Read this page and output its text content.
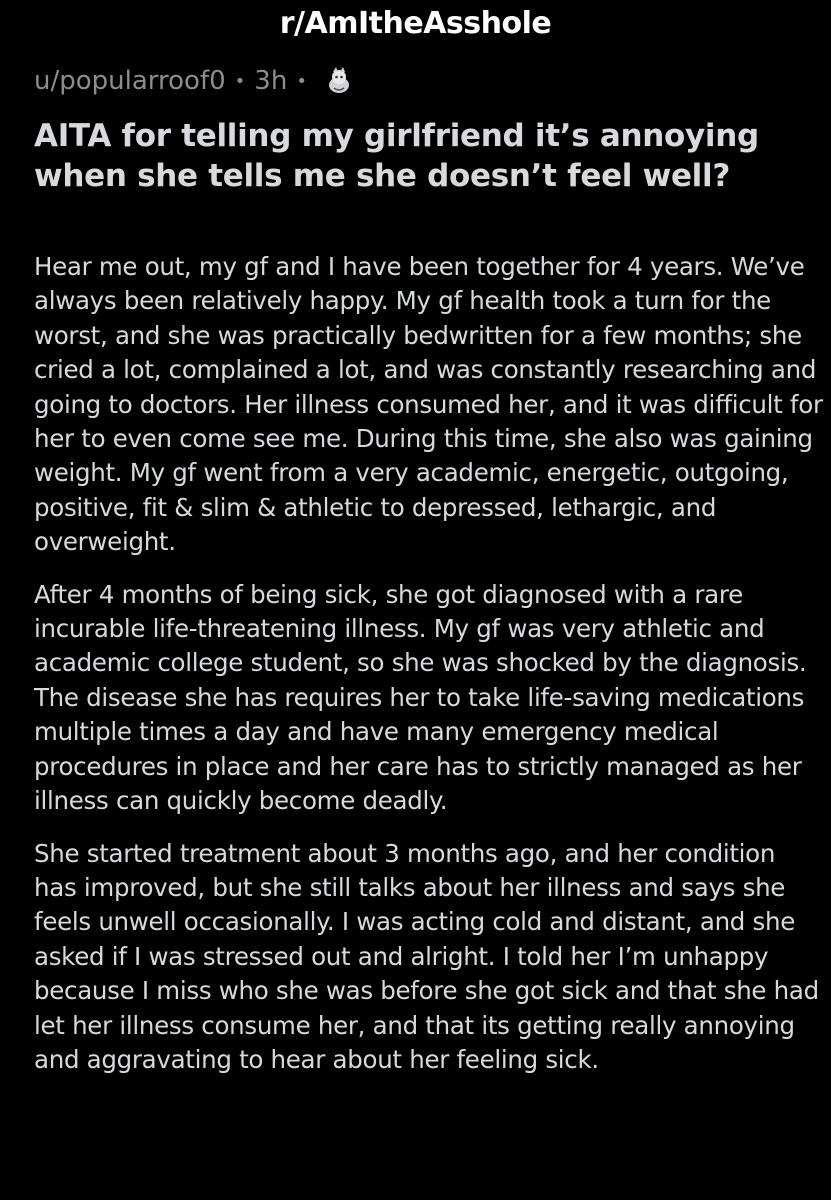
r/AmItheAsshole
u/popularroof0 • 3h •
AITA for telling my girlfriend it’s annoying when she tells me she doesn’t feel well?

Hear me out, my gf and I have been together for 4 years. We’ve always been relatively happy. My gf health took a turn for the worst, and she was practically bedwritten for a few months; she cried a lot, complained a lot, and was constantly researching and going to doctors. Her illness consumed her, and it was difficult for her to even come see me. During this time, she also was gaining weight. My gf went from a very academic, energetic, outgoing, positive, fit & slim & athletic to depressed, lethargic, and overweight.

After 4 months of being sick, she got diagnosed with a rare incurable life-threatening illness. My gf was very athletic and academic college student, so she was shocked by the diagnosis. The disease she has requires her to take life-saving medications multiple times a day and have many emergency medical procedures in place and her care has to strictly managed as her illness can quickly become deadly.

She started treatment about 3 months ago, and her condition has improved, but she still talks about her illness and says she feels unwell occasionally. I was acting cold and distant, and she asked if I was stressed out and alright. I told her I’m unhappy because I miss who she was before she got sick and that she had let her illness consume her, and that its getting really annoying and aggravating to hear about her feeling sick.
